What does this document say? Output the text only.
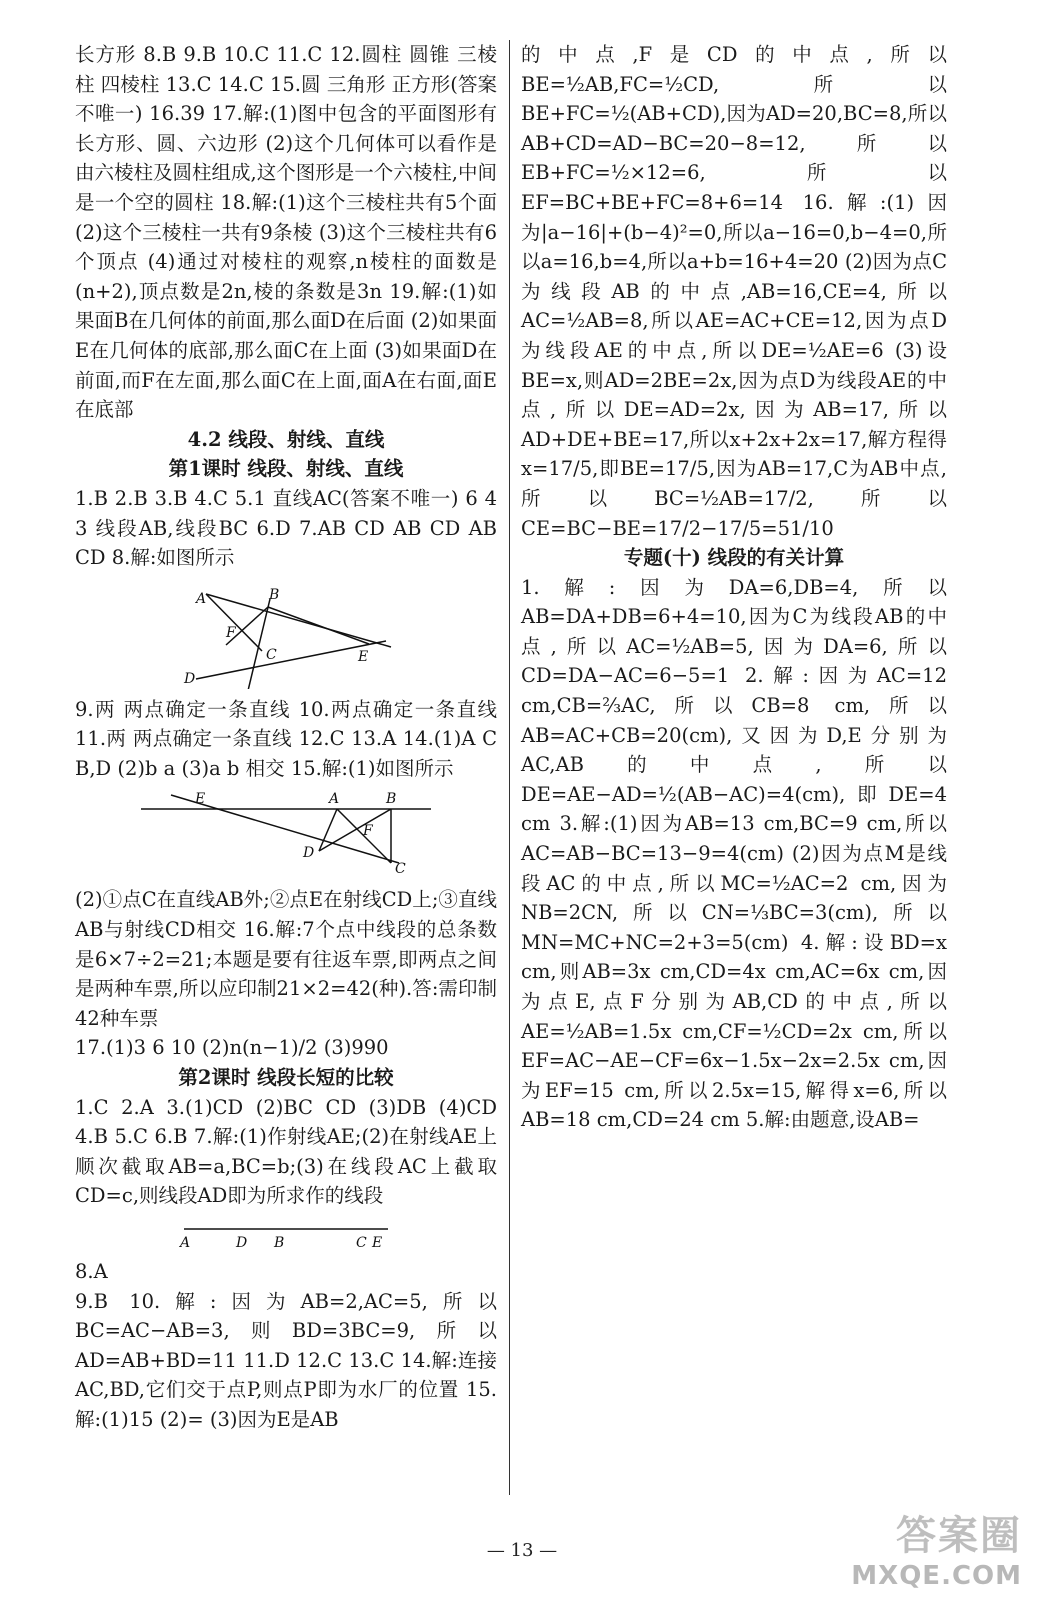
长方形 8.B 9.B 10.C 11.C 12.圆柱 圆锥 三棱柱 四棱柱 13.C 14.C 15.圆 三角形 正方形(答案不唯一) 16.39 17.解:(1)图中包含的平面图形有长方形、圆、六边形 (2)这个几何体可以看作是由六棱柱及圆柱组成,这个图形是一个六棱柱,中间是一个空的圆柱 18.解:(1)这个三棱柱共有5个面 (2)这个三棱柱一共有9条棱 (3)这个三棱柱共有6个顶点 (4)通过对棱柱的观察,n棱柱的面数是(n+2),顶点数是2n,棱的条数是3n 19.解:(1)如果面B在几何体的前面,那么面D在后面 (2)如果面E在几何体的底部,那么面C在上面 (3)如果面D在前面,而F在左面,那么面C在上面,面A在右面,面E在底部

4.2 线段、射线、直线

第1课时 线段、射线、直线

1.B 2.B 3.B 4.C 5.1 直线AC(答案不唯一) 6 4 3 线段AB,线段BC 6.D 7.AB CD AB CD AB CD 8.解:如图所示

A	B
F
C	E
D

9.两 两点确定一条直线 10.两点确定一条直线 11.两 两点确定一条直线 12.C 13.A 14.(1)A C B,D (2)b a (3)a b 相交 15.解:(1)如图所示

E	A	B
F
D
C

(2)①点C在直线AB外;②点E在射线CD上;③直线AB与射线CD相交 16.解:7个点中线段的总条数是6×7÷2=21;本题是要有往返车票,即两点之间是两种车票,所以应印制21×2=42(种).答:需印制42种车票

17.(1)3 6 10 (2)n(n−1)/2 (3)990

第2课时 线段长短的比较

1.C 2.A 3.(1)CD (2)BC CD (3)DB (4)CD 4.B 5.C 6.B 7.解:(1)作射线AE;(2)在射线AE上顺次截取AB=a,BC=b;(3)在线段AC上截取CD=c,则线段AD即为所求作的线段

A	D B	C E

8.A

9.B 10.解:因为AB=2,AC=5,所以BC=AC−AB=3,则BD=3BC=9,所以AD=AB+BD=11 11.D 12.C 13.C 14.解:连接AC,BD,它们交于点P,则点P即为水厂的位置 15.解:(1)15 (2)= (3)因为E是AB

的中点,F是CD的中点,所以BE=½AB,FC=½CD,所以BE+FC=½(AB+CD),因为AD=20,BC=8,所以AB+CD=AD−BC=20−8=12,所以EB+FC=½×12=6,所以EF=BC+BE+FC=8+6=14 16.解:(1)因为|a−16|+(b−4)²=0,所以a−16=0,b−4=0,所以a=16,b=4,所以a+b=16+4=20 (2)因为点C为线段AB的中点,AB=16,CE=4,所以AC=½AB=8,所以AE=AC+CE=12,因为点D为线段AE的中点,所以DE=½AE=6 (3)设BE=x,则AD=2BE=2x,因为点D为线段AE的中点,所以DE=AD=2x,因为AB=17,所以AD+DE+BE=17,所以x+2x+2x=17,解方程得x=17/5,即BE=17/5,因为AB=17,C为AB中点,所以BC=½AB=17/2,所以CE=BC−BE=17/2−17/5=51/10

专题(十) 线段的有关计算

1.解:因为DA=6,DB=4,所以AB=DA+DB=6+4=10,因为C为线段AB的中点,所以AC=½AB=5,因为DA=6,所以CD=DA−AC=6−5=1 2.解:因为AC=12 cm,CB=⅔AC,所以CB=8 cm,所以AB=AC+CB=20(cm),又因为D,E分别为AC,AB的中点,所以DE=AE−AD=½(AB−AC)=4(cm),即DE=4 cm 3.解:(1)因为AB=13 cm,BC=9 cm,所以AC=AB−BC=13−9=4(cm) (2)因为点M是线段AC的中点,所以MC=½AC=2 cm,因为NB=2CN,所以CN=⅓BC=3(cm),所以MN=MC+NC=2+3=5(cm) 4.解:设BD=x cm,则AB=3x cm,CD=4x cm,AC=6x cm,因为点E,点F分别为AB,CD的中点,所以AE=½AB=1.5x cm,CF=½CD=2x cm,所以EF=AC−AE−CF=6x−1.5x−2x=2.5x cm,因为EF=15 cm,所以2.5x=15,解得x=6,所以AB=18 cm,CD=24 cm 5.解:由题意,设AB=

— 13 —	答案圈
MXQE.COM
